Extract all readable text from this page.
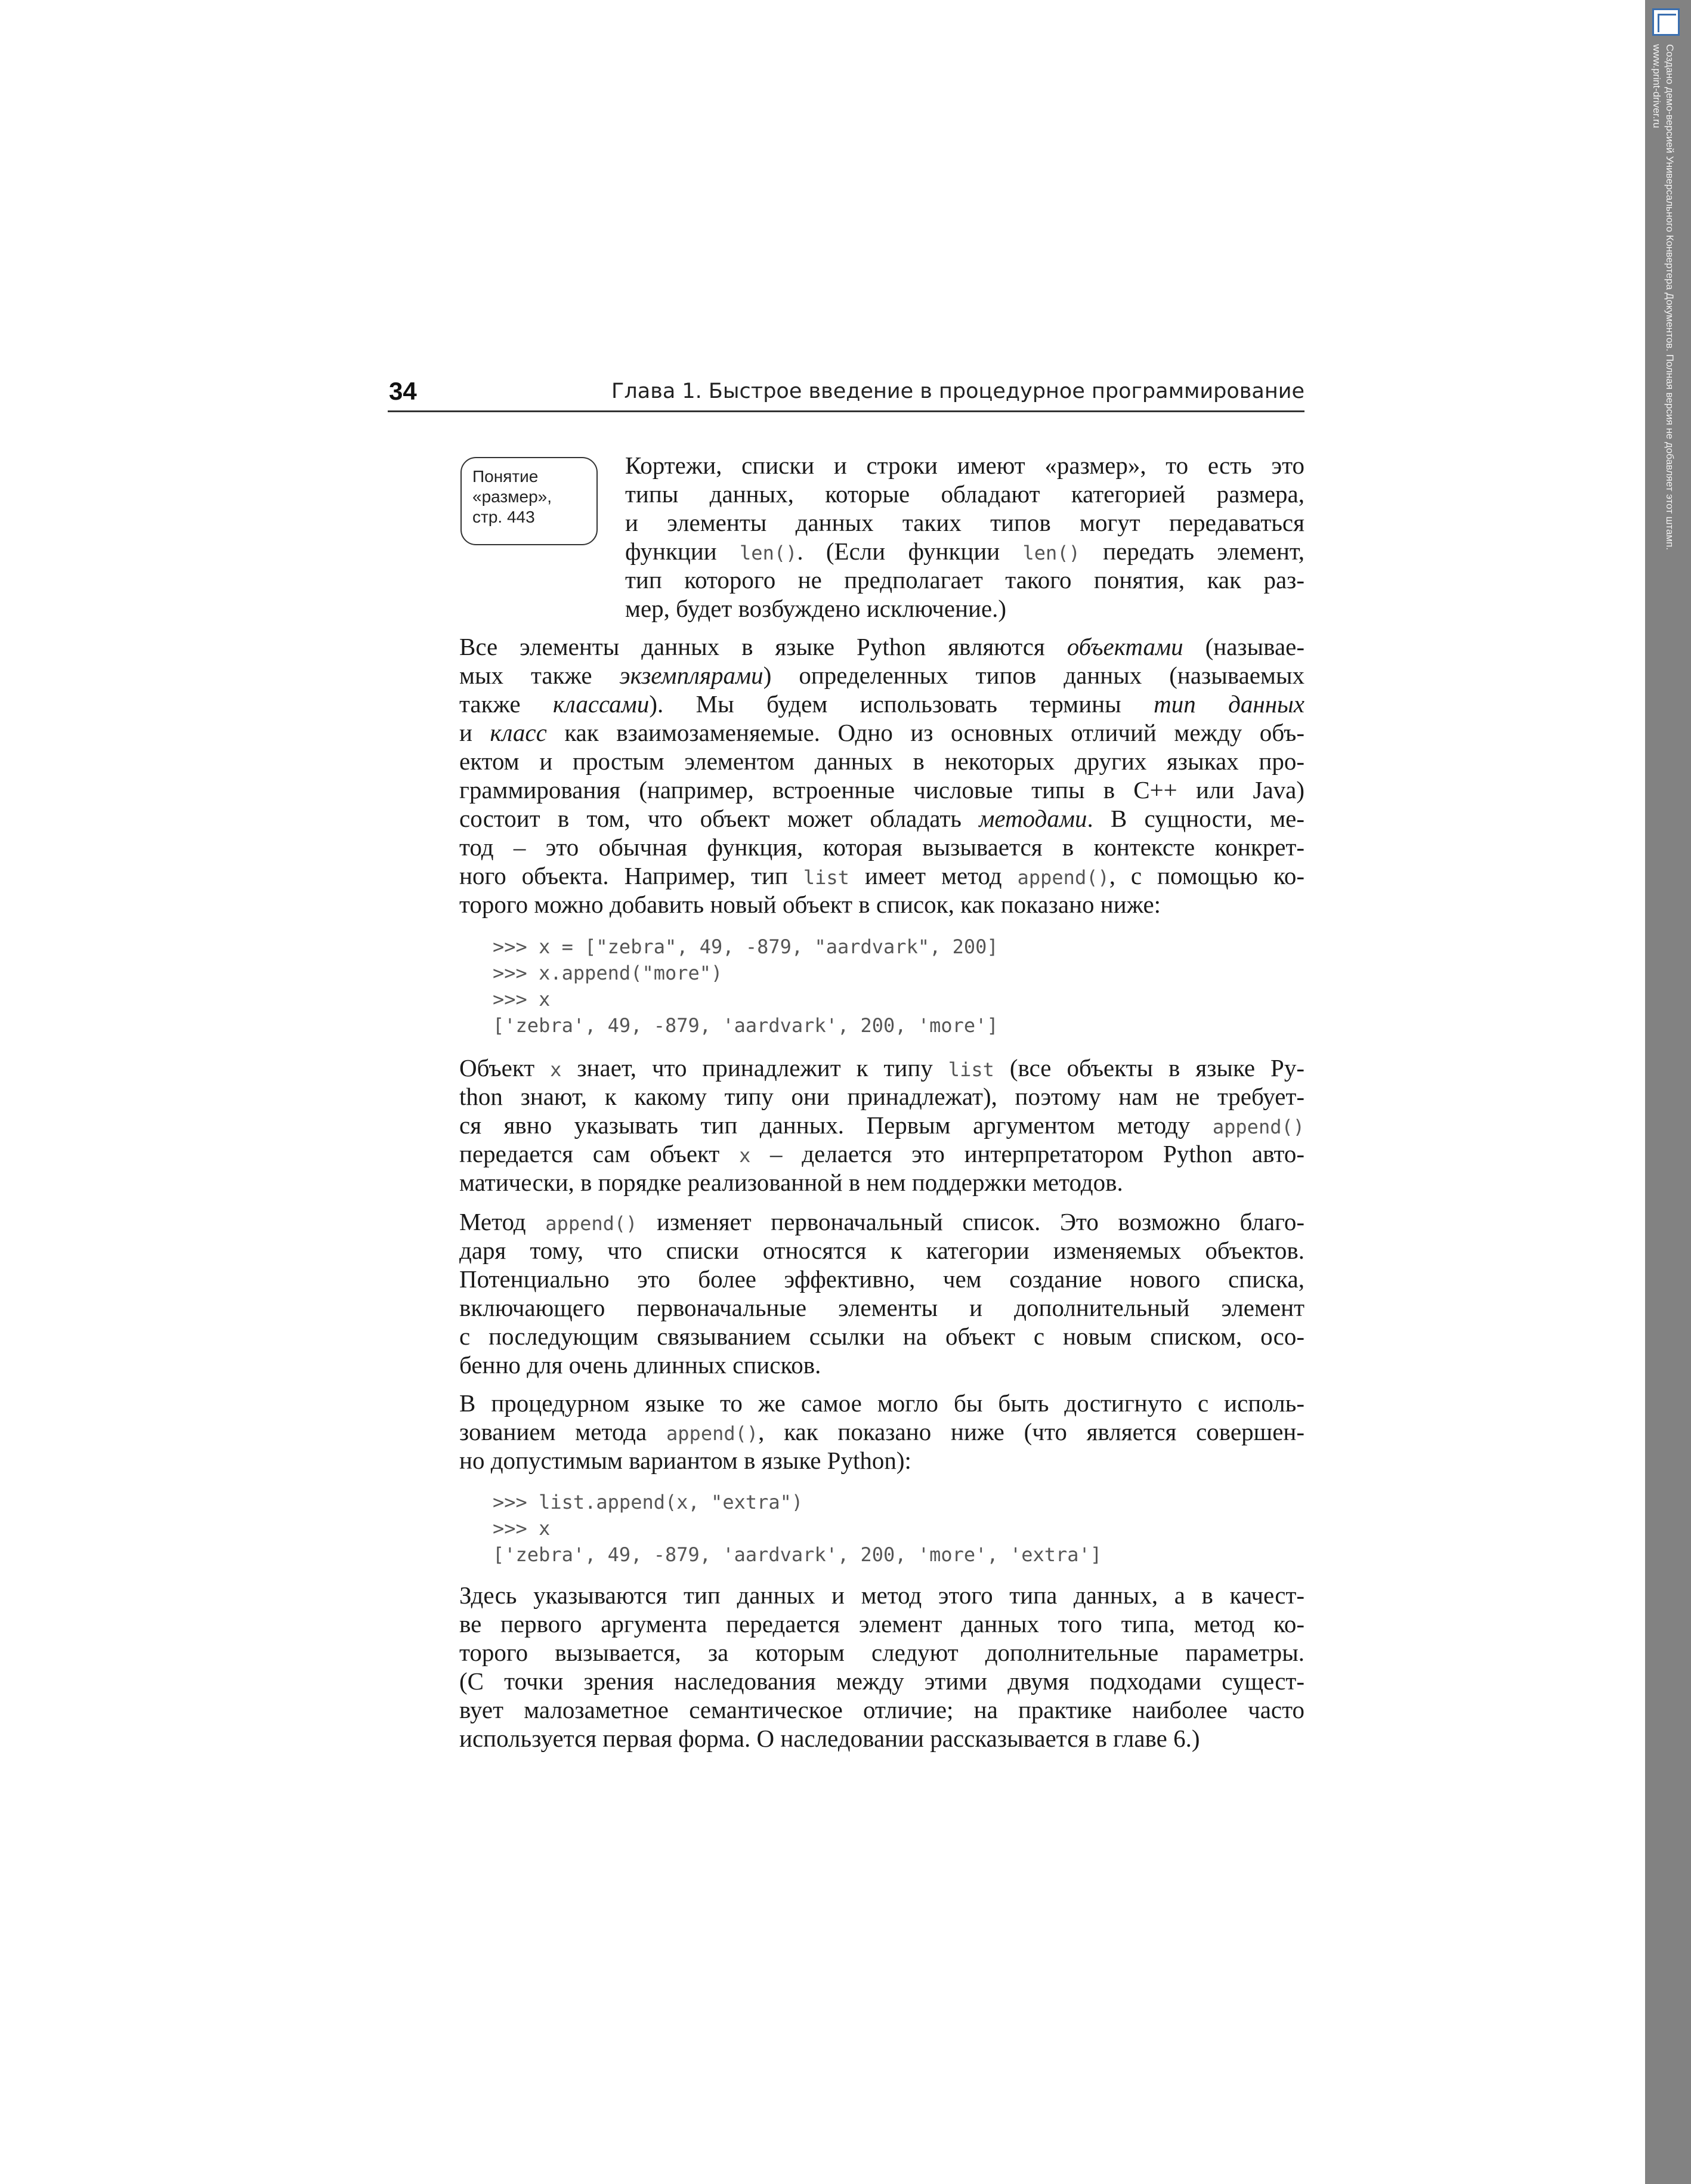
Создано демо-версией Универсального Конвертера Документов. Полная версия не добавляет этот штамп.
www.print-driver.ru
34	Глава 1. Быстрое введение в процедурное программирование
Понятие
«размер»,
стр. 443
Кортежи, списки и строки имеют «размер», то есть это
типы данных, которые обладают категорией размера,
и элементы данных таких типов могут передаваться
функции len(). (Если функции len() передать элемент,
тип которого не предполагает такого понятия, как раз-
мер, будет возбуждено исключение.)
Все элементы данных в языке Python являются объектами (называе-
мых также экземплярами) определенных типов данных (называемых
также классами). Мы будем использовать термины тип данных
и класс как взаимозаменяемые. Одно из основных отличий между объ-
ектом и простым элементом данных в некоторых других языках про-
граммирования (например, встроенные числовые типы в C++ или Java)
состоит в том, что объект может обладать методами. В сущности, ме-
тод – это обычная функция, которая вызывается в контексте конкрет-
ного объекта. Например, тип list имеет метод append(), с помощью ко-
торого можно добавить новый объект в список, как показано ниже:
>>> x = ["zebra", 49, -879, "aardvark", 200]
>>> x.append("more")
>>> x
['zebra', 49, -879, 'aardvark', 200, 'more']
Объект x знает, что принадлежит к типу list (все объекты в языке Py-
thon знают, к какому типу они принадлежат), поэтому нам не требует-
ся явно указывать тип данных. Первым аргументом методу append()
передается сам объект x – делается это интерпретатором Python авто-
матически, в порядке реализованной в нем поддержки методов.
Метод append() изменяет первоначальный список. Это возможно благо-
даря тому, что списки относятся к категории изменяемых объектов.
Потенциально это более эффективно, чем создание нового списка,
включающего первоначальные элементы и дополнительный элемент
с последующим связыванием ссылки на объект с новым списком, осо-
бенно для очень длинных списков.
В процедурном языке то же самое могло бы быть достигнуто с исполь-
зованием метода append(), как показано ниже (что является совершен-
но допустимым вариантом в языке Python):
>>> list.append(x, "extra")
>>> x
['zebra', 49, -879, 'aardvark', 200, 'more', 'extra']
Здесь указываются тип данных и метод этого типа данных, а в качест-
ве первого аргумента передается элемент данных того типа, метод ко-
торого вызывается, за которым следуют дополнительные параметры.
(С точки зрения наследования между этими двумя подходами сущест-
вует малозаметное семантическое отличие; на практике наиболее часто
используется первая форма. О наследовании рассказывается в главе 6.)
